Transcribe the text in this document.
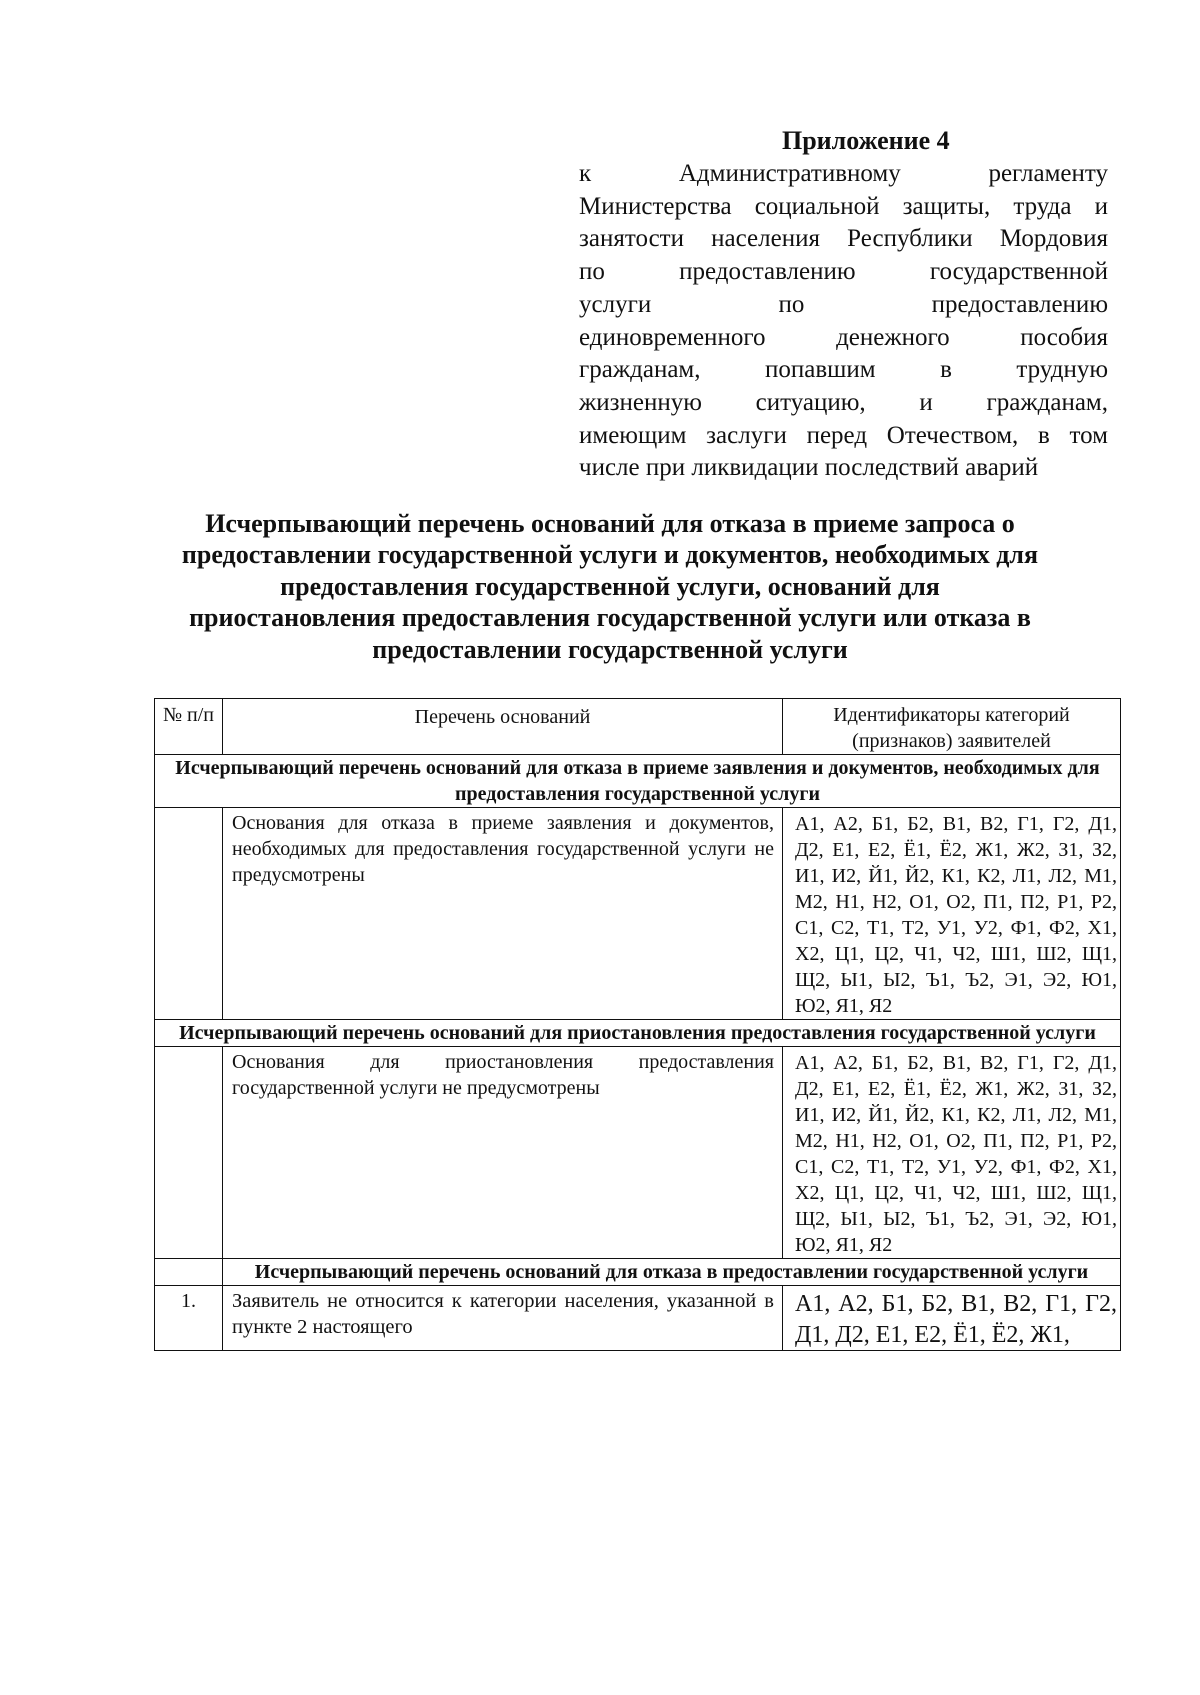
Приложение 4
к Административному регламенту
Министерства социальной защиты, труда и
занятости населения Республики Мордовия
по предоставлению государственной
услуги по предоставлению
единовременного денежного пособия
гражданам, попавшим в трудную
жизненную ситуацию, и гражданам,
имеющим заслуги перед Отечеством, в том
числе при ликвидации последствий аварий
Исчерпывающий перечень оснований для отказа в приеме запроса о
предоставлении государственной услуги и документов, необходимых для
предоставления государственной услуги, оснований для
приостановления предоставления государственной услуги или отказа в
предоставлении государственной услуги
№ п/п	Перечень оснований	Идентификаторы категорий (признаков) заявителей
Исчерпывающий перечень оснований для отказа в приеме заявления и документов, необходимых для предоставления государственной услуги		
	Основания для отказа в приеме заявления и документов, необходимых для предоставления государственной услуги не предусмотрены	А1, А2, Б1, Б2, В1, В2, Г1, Г2, Д1, Д2, Е1, Е2, Ё1, Ё2, Ж1, Ж2, З1, З2, И1, И2, Й1, Й2, К1, К2, Л1, Л2, М1, М2, Н1, Н2, О1, О2, П1, П2, Р1, Р2, С1, С2, Т1, Т2, У1, У2, Ф1, Ф2, Х1, Х2, Ц1, Ц2, Ч1, Ч2, Ш1, Ш2, Щ1, Щ2, Ы1, Ы2, Ъ1, Ъ2, Э1, Э2, Ю1, Ю2, Я1, Я2
Исчерпывающий перечень оснований для приостановления предоставления государственной услуги		
	Основания для приостановления предоставления государственной услуги не предусмотрены	А1, А2, Б1, Б2, В1, В2, Г1, Г2, Д1, Д2, Е1, Е2, Ё1, Ё2, Ж1, Ж2, З1, З2, И1, И2, Й1, Й2, К1, К2, Л1, Л2, М1, М2, Н1, Н2, О1, О2, П1, П2, Р1, Р2, С1, С2, Т1, Т2, У1, У2, Ф1, Ф2, Х1, Х2, Ц1, Ц2, Ч1, Ч2, Ш1, Ш2, Щ1, Щ2, Ы1, Ы2, Ъ1, Ъ2, Э1, Э2, Ю1, Ю2, Я1, Я2
	Исчерпывающий перечень оснований для отказа в предоставлении государственной услуги	
1.	Заявитель не относится к категории населения, указанной в пункте 2 настоящего	А1, А2, Б1, Б2, В1, В2, Г1, Г2, Д1, Д2, Е1, Е2, Ё1, Ё2, Ж1,
